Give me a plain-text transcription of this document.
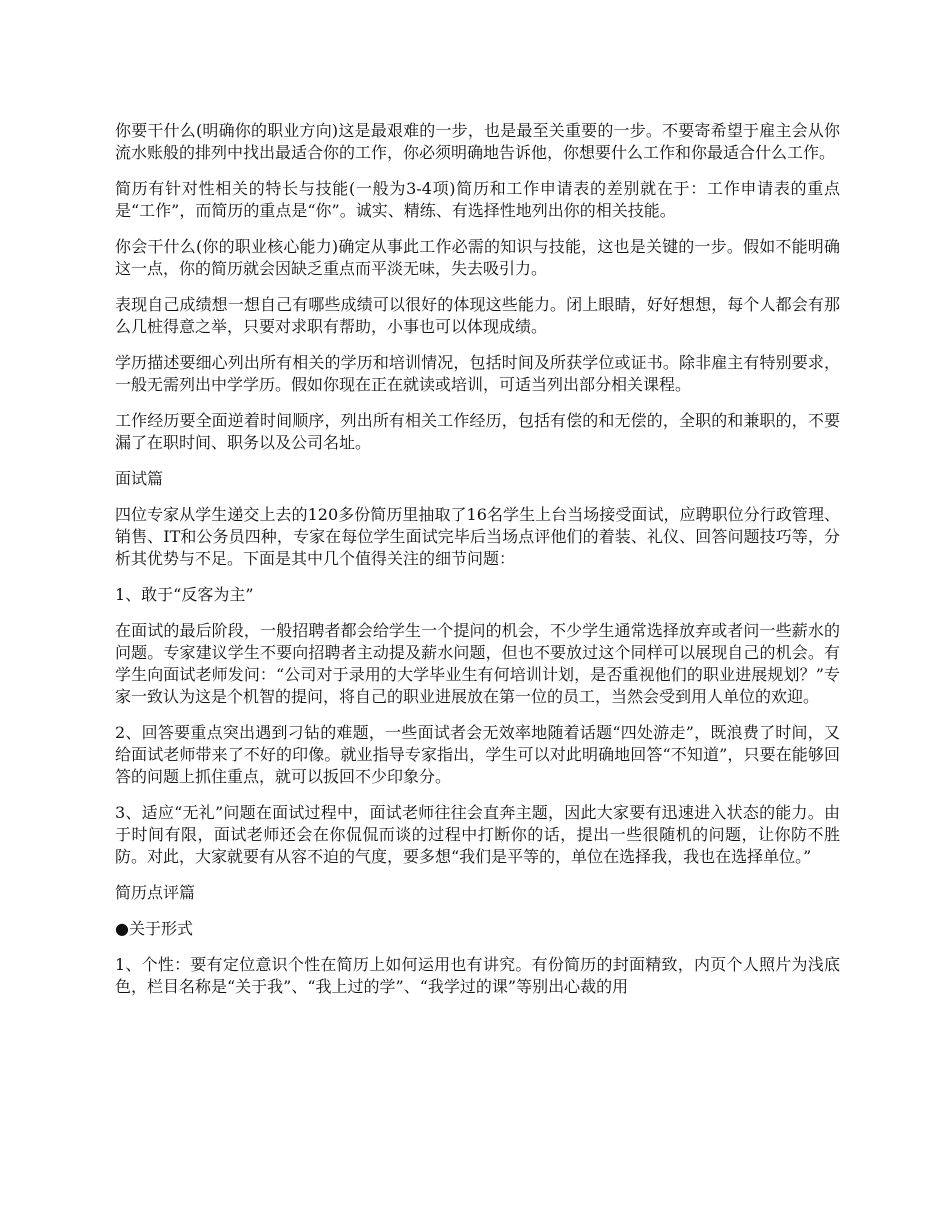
你要干什么(明确你的职业方向)这是最艰难的一步，也是最至关重要的一步。不要寄希望于雇主会从你流水账般的排列中找出最适合你的工作，你必须明确地告诉他，你想要什么工作和你最适合什么工作。

简历有针对性相关的特长与技能(一般为3-4项)简历和工作申请表的差别就在于：工作申请表的重点是“工作”，而简历的重点是“你”。诚实、精练、有选择性地列出你的相关技能。

你会干什么(你的职业核心能力)确定从事此工作必需的知识与技能，这也是关键的一步。假如不能明确这一点，你的简历就会因缺乏重点而平淡无味，失去吸引力。

表现自己成绩想一想自己有哪些成绩可以很好的体现这些能力。闭上眼睛，好好想想，每个人都会有那么几桩得意之举，只要对求职有帮助，小事也可以体现成绩。

学历描述要细心列出所有相关的学历和培训情况，包括时间及所获学位或证书。除非雇主有特别要求，一般无需列出中学学历。假如你现在正在就读或培训，可适当列出部分相关课程。

工作经历要全面逆着时间顺序，列出所有相关工作经历，包括有偿的和无偿的，全职的和兼职的，不要漏了在职时间、职务以及公司名址。

面试篇

四位专家从学生递交上去的120多份简历里抽取了16名学生上台当场接受面试，应聘职位分行政管理、销售、IT和公务员四种，专家在每位学生面试完毕后当场点评他们的着装、礼仪、回答问题技巧等，分析其优势与不足。下面是其中几个值得关注的细节问题：

1、敢于“反客为主”

在面试的最后阶段，一般招聘者都会给学生一个提问的机会，不少学生通常选择放弃或者问一些薪水的问题。专家建议学生不要向招聘者主动提及薪水问题，但也不要放过这个同样可以展现自己的机会。有学生向面试老师发问：“公司对于录用的大学毕业生有何培训计划，是否重视他们的职业进展规划？”专家一致认为这是个机智的提问，将自己的职业进展放在第一位的员工，当然会受到用人单位的欢迎。

2、回答要重点突出遇到刁钻的难题，一些面试者会无效率地随着话题“四处游走”，既浪费了时间，又给面试老师带来了不好的印像。就业指导专家指出，学生可以对此明确地回答“不知道”，只要在能够回答的问题上抓住重点，就可以扳回不少印象分。

3、适应“无礼”问题在面试过程中，面试老师往往会直奔主题，因此大家要有迅速进入状态的能力。由于时间有限，面试老师还会在你侃侃而谈的过程中打断你的话，提出一些很随机的问题，让你防不胜防。对此，大家就要有从容不迫的气度，要多想“我们是平等的，单位在选择我，我也在选择单位。”

简历点评篇

●关于形式

1、个性：要有定位意识个性在简历上如何运用也有讲究。有份简历的封面精致，内页个人照片为浅底色，栏目名称是“关于我”、“我上过的学”、“我学过的课”等别出心裁的用
